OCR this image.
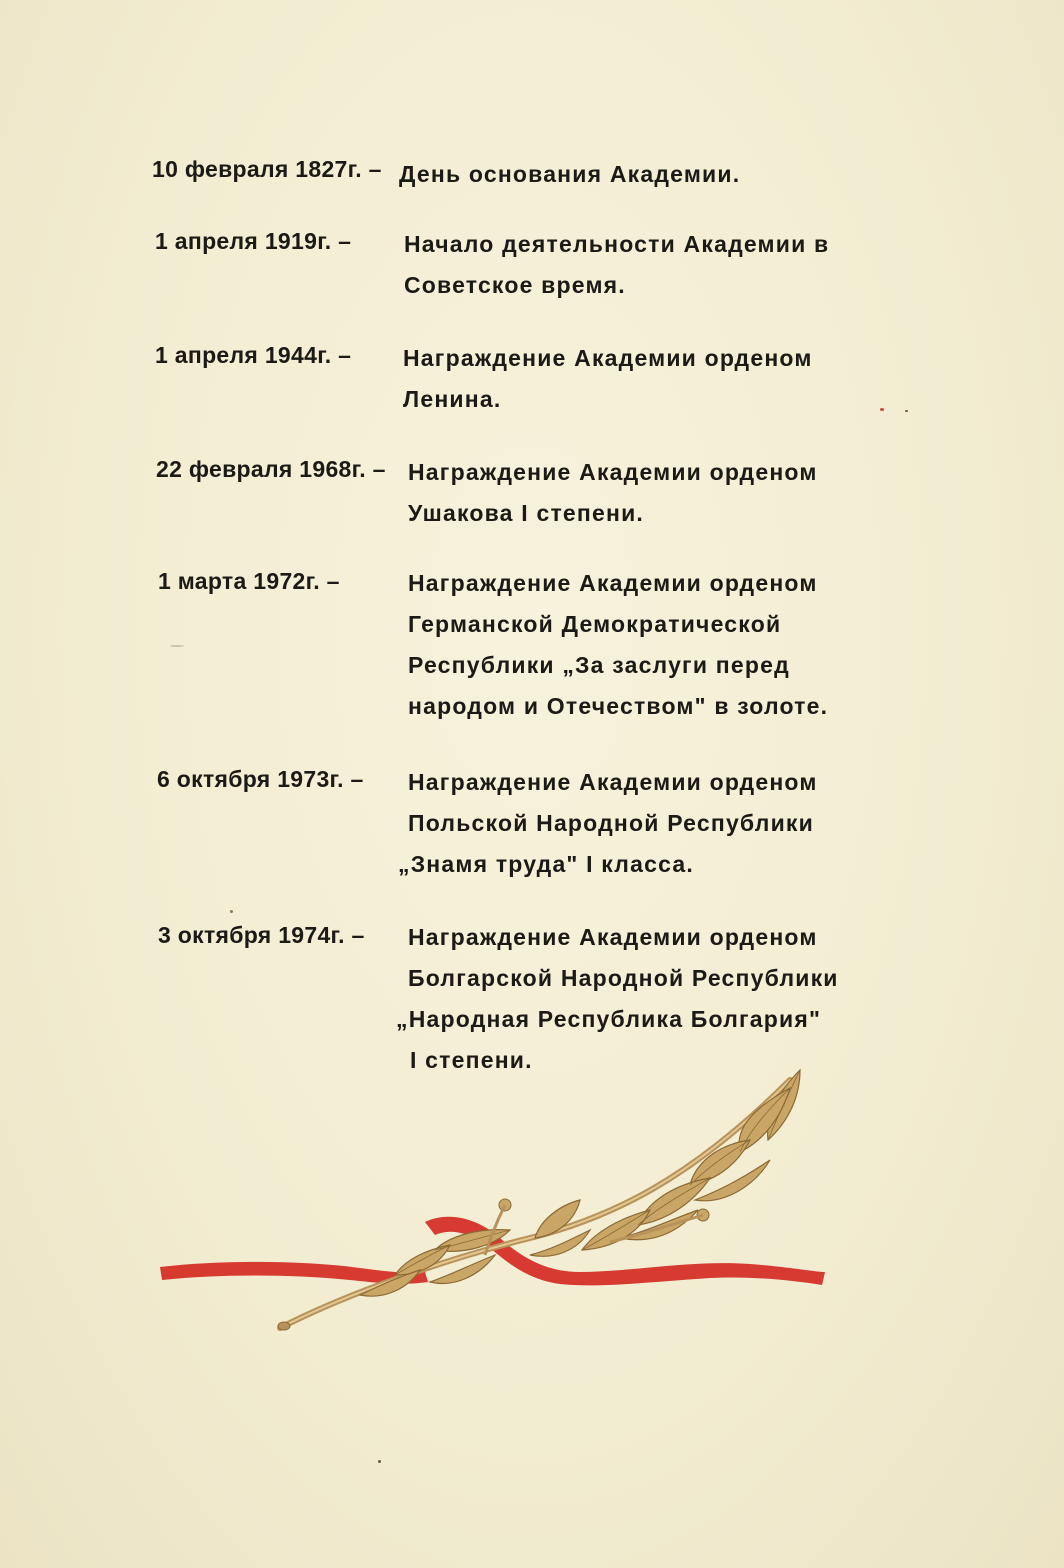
10 февраля 1827г. – День основания Академии.
1 апреля 1919г. – Начало деятельности Академии в
Советское время.
1 апреля 1944г. – Награждение Академии орденом
Ленина.
22 февраля 1968г. – Награждение Академии орденом
Ушакова I степени.
1 марта 1972г. –	Награждение Академии орденом
Германской Демократической
Республики „За заслуги перед
народом и Отечеством" в золоте.
6 октября 1973г. – Награждение Академии орденом
Польской Народной Республики
„Знамя труда" I класса.
3 октября 1974г. – Награждение Академии орденом
Болгарской Народной Республики
„Народная Республика Болгария"
I степени.
